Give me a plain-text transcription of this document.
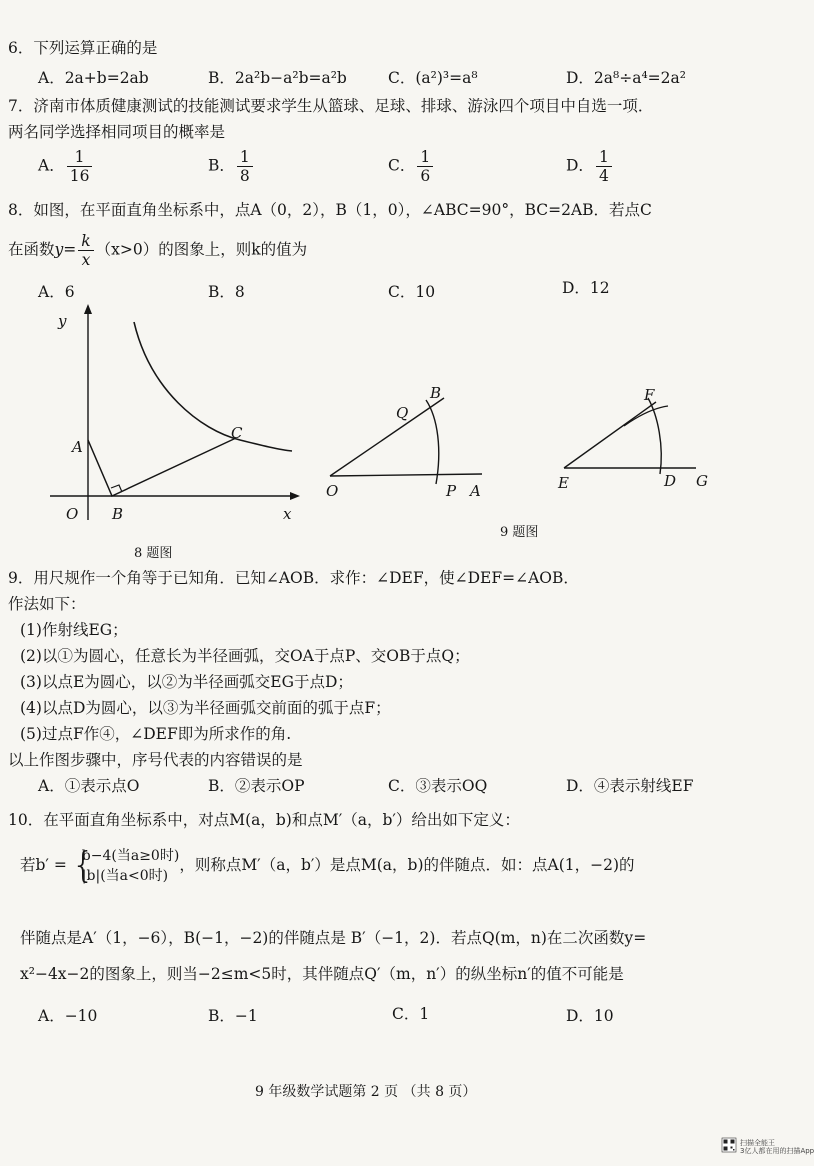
6．下列运算正确的是
A．2a+b=2ab	B．2a²b−a²b=a²b	C．(a²)³=a⁸	D．2a⁸÷a⁴=2a²
7．济南市体质健康测试的技能测试要求学生从篮球、足球、排球、游泳四个项目中自选一项．
两名同学选择相同项目的概率是
A． $\frac{1}{16}$	B． $\frac{1}{8}$	C． $\frac{1}{6}$	D． $\frac{1}{4}$
8．如图，在平面直角坐标系中，点A（0，2），B（1，0），∠ABC=90°，BC=2AB．若点C
在函数$y= \frac{k}{x} (x>0)$的图象上，则k的值为
A．6	B．8	C．10	D．12
y
x
O
A
B
C
8 题图
O	P A
Q
B
E	D G
F
9 题图
9．用尺规作一个角等于已知角．已知∠AOB．求作：∠DEF，使∠DEF=∠AOB．
作法如下：
(1)作射线EG；
(2)以①为圆心，任意长为半径画弧，交OA于点P、交OB于点Q；
(3)以点E为圆心，以②为半径画弧交EG于点D；
(4)以点D为圆心，以③为半径画弧交前面的弧于点F；
(5)过点F作④，∠DEF即为所求作的角.
以上作图步骤中，序号代表的内容错误的是
A．①表示点O	B．②表示OP	C．③表示OQ	D．④表示射线EF
10．在平面直角坐标系中，对点M(a，b)和点M′（a，b′）给出如下定义：
若b′ = {
b−4(当a≥0时)
|b|(当a<0时)
，则称点M′（a，b′）是点M(a，b)的伴随点．如：点A(1，−2)的
伴随点是A′（1，−6），B(−1，−2)的伴随点是 B′（−1，2)．若点Q(m，n)在二次函数y=
x²−4x−2的图象上，则当−2≤m<5时，其伴随点Q′（m，n′）的纵坐标n′的值不可能是
A．−10	B．−1	C．1	D．10
9 年级数学试题第 2 页 （共 8 页）
扫描全能王
3亿人都在用的扫描App
